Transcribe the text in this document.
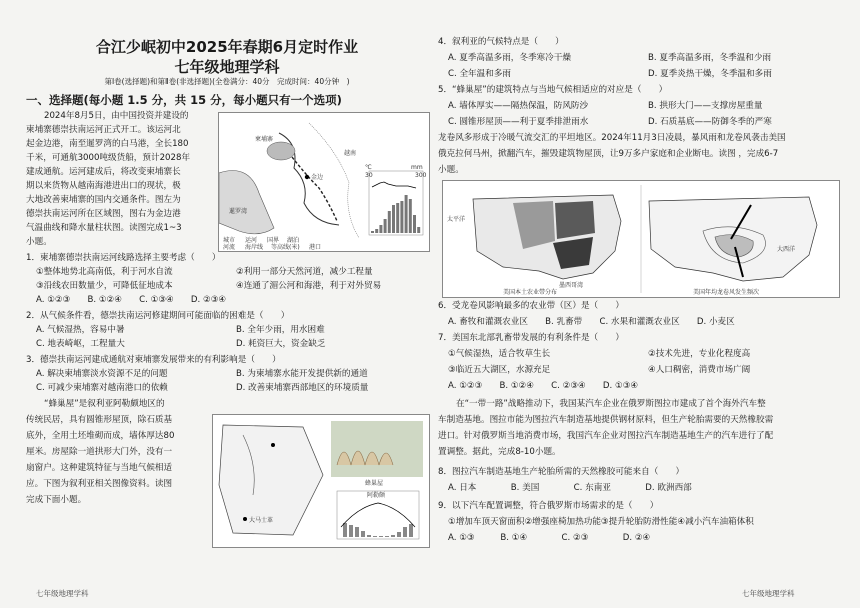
合江少岷初中2025年春期6月定时作业
七年级地理学科
第Ⅰ卷(选择题)和第Ⅱ卷(非选择题)(全卷满分：40分　完成时间：40分钟　)
一、选择题(每小题 1.5 分，共 15 分，每小题只有一个选项)
2024年8月5日，由中国投资并建设的
柬埔寨德崇扶南运河正式开工。该运河北
起金边港，南至暹罗湾的白马港，全长180
千米，可通航3000吨级货船，预计2028年
建成通航。运河建成后，将改变柬埔寨长
期以来货物从越南海港进出口的现状，极
大地改善柬埔寨的国内交通条件。图左为
德崇扶南运河所在区域图，图右为金边港
气温曲线和降水量柱状图。读图完成1~3
小题。
金边
越南
柬埔寨
暹罗湾
城市 运河 国界 湖泊
河流 海岸线 等高线(米) 港口
30	300
℃	mm
1．柬埔寨德崇扶南运河线路选择主要考虑（　　）
①整体地势北高南低，利于河水自流	②利用一部分天然河道，减少工程量
③沿线农田数量少，可降低征地成本	④连通了湄公河和海港，利于对外贸易
A. ①②③　　B. ①②④　　C. ①③④　　D. ②③④
2．从气候条件看，德崇扶南运河修建期间可能面临的困难是（　　）
A. 气候湿热，容易中暑	B. 全年少雨，用水困难
C. 地表崎岖，工程量大	D. 耗资巨大，资金缺乏
3．德崇扶南运河建成通航对柬埔寨发展带来的有利影响是（　　）
A. 解决柬埔寨淡水资源不足的问题	B. 为柬埔寨水能开发提供新的通道
C. 可减少柬埔寨对越南港口的依赖	D. 改善柬埔寨西部地区的环境质量
“蜂巢屋”是叙利亚阿勒颇地区的
传统民居，具有圆锥形屋顶，除石质基
底外，全用土坯堆砌而成，墙体厚达80
厘米。房屋除一道拱形大门外，没有一
扇窗户。这种建筑特征与当地气候相适
应。下图为叙利亚相关图像资料。读图
完成下面小题。
大马士革
蜂巢屋
阿勒颇
七年级地理学科
4．叙利亚的气候特点是（　　）
A. 夏季高温多雨，冬季寒冷干燥	B. 夏季高温多雨，冬季温和少雨
C. 全年温和多雨	D. 夏季炎热干燥，冬季温和多雨
5．“蜂巢屋”的建筑特点与当地气候相适应的对应是（　　）
A. 墙体厚实——隔热保温，防风防沙	B. 拱形大门——支撑房屋重量
C. 圆锥形屋顶——利于夏季排泄雨水	D. 石质基底——防御冬季的严寒
龙卷风多形成于冷暖气流交汇的平坦地区。2024年11月3日凌晨，暴风雨和龙卷风袭击美国
俄克拉何马州，掀翻汽车，摧毁建筑物屋顶，让9万多户家庭和企业断电。读图 ，完成6-7
小题。
太平洋
墨西哥湾
美国本土农业带分布
大西洋
美国年均龙卷风发生频次
6．受龙卷风影响最多的农业带（区）是（　　）
A. 畜牧和灌溉农业区　　B. 乳畜带　　C. 水果和灌溉农业区　　D. 小麦区
7．美国东北部乳畜带发展的有利条件是（　　）
①气候湿热，适合牧草生长	②技术先进，专业化程度高
③临近五大湖区，水源充足	④人口稠密，消费市场广阔
A. ①②③　　B. ①②④　　C. ②③④　　D. ①③④
在“一带一路”战略推动下，我国某汽车企业在俄罗斯图拉市建成了首个海外汽车整
车制造基地。图拉市能为图拉汽车制造基地提供钢材原料，但生产轮胎需要的天然橡胶需
进口。针对俄罗斯当地消费市场，我国汽车企业对图拉汽车制造基地生产的汽车进行了配
置调整。据此，完成8-10小题。
8．图拉汽车制造基地生产轮胎所需的天然橡胶可能来自（　　）
A. 日本　　　　B. 美国　　　　C. 东南亚　　　　D. 欧洲西部
9．以下汽车配置调整，符合俄罗斯市场需求的是（　　）
①增加车顶天窗面积②增强座椅加热功能③提升轮胎防滑性能④减小汽车油箱体积
A. ①③　　　B. ①④　　　　C. ②③　　　　D. ②④
七年级地理学科
